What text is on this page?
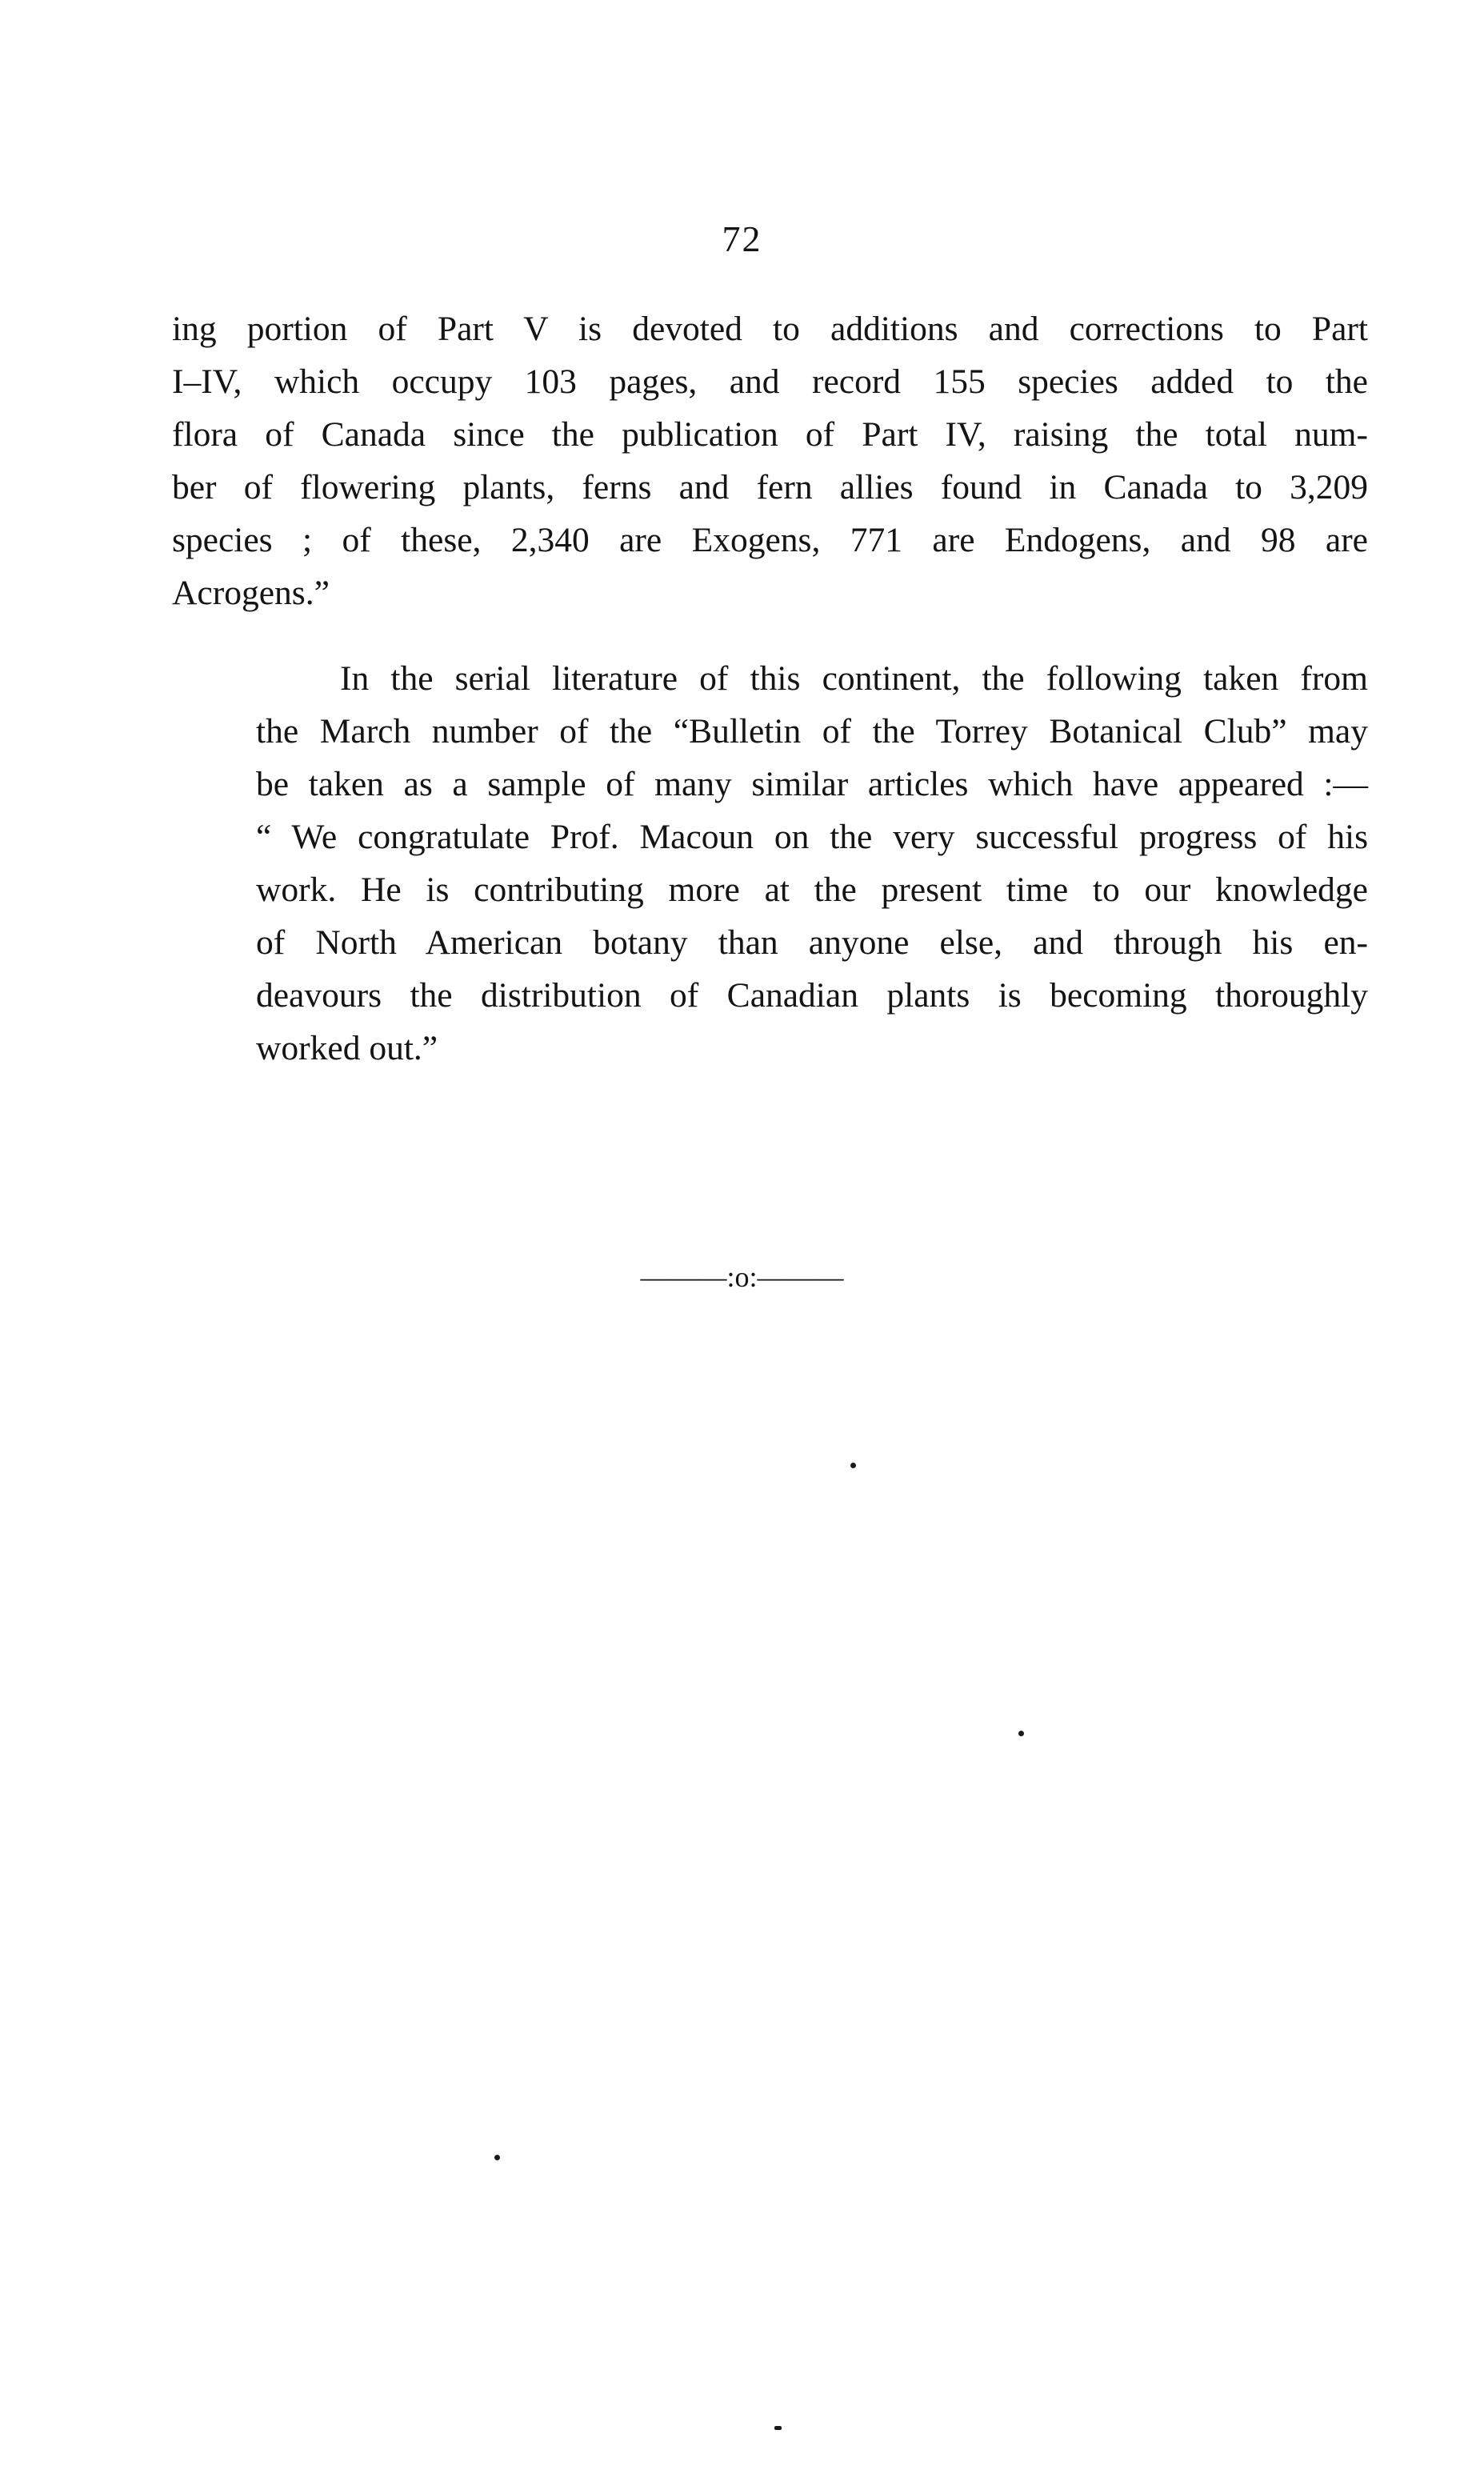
72
ing portion of Part V is devoted to additions and corrections to Part
I–IV, which occupy 103 pages, and record 155 species added to the
flora of Canada since the publication of Part IV, raising the total num-
ber of flowering plants, ferns and fern allies found in Canada to 3,209
species ; of these, 2,340 are Exogens, 771 are Endogens, and 98 are
Acrogens.”
In the serial literature of this continent, the following taken from
the March number of the “Bulletin of the Torrey Botanical Club” may
be taken as a sample of many similar articles which have appeared :—
“ We congratulate Prof. Macoun on the very successful progress of his
work. He is contributing more at the present time to our knowledge
of North American botany than anyone else, and through his en-
deavours the distribution of Canadian plants is becoming thoroughly
worked out.”
———:o:———
